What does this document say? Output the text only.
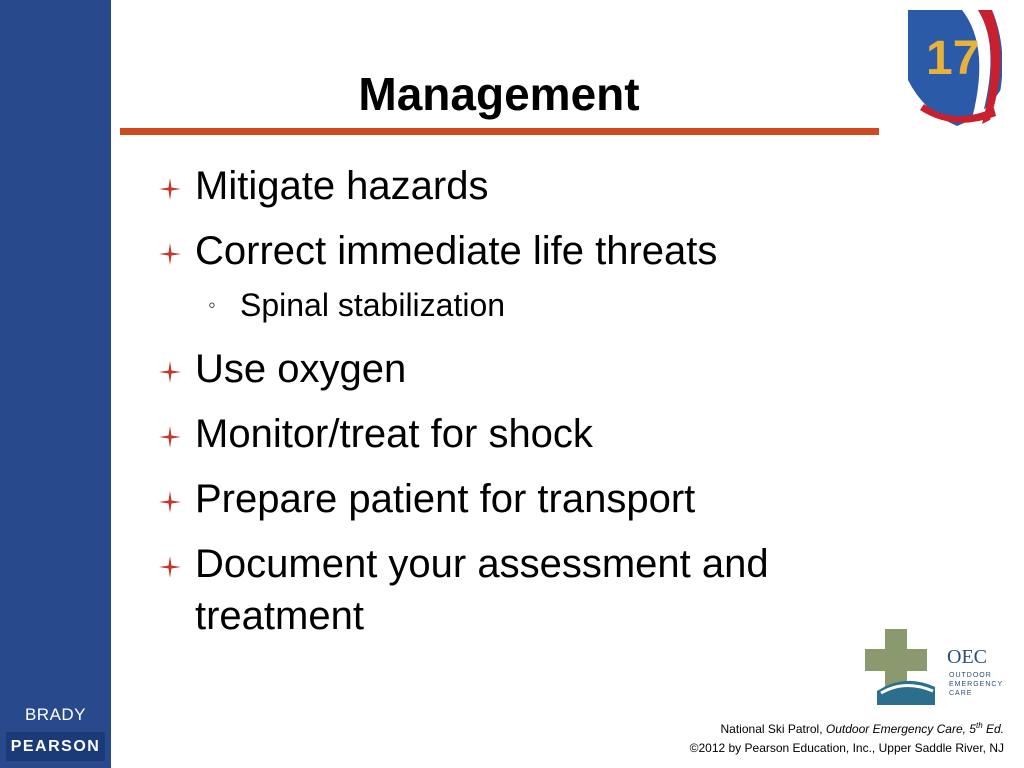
BRADY
PEARSON
17
Management
Mitigate hazards
Correct immediate life threats
◦ Spinal stabilization
Use oxygen
Monitor/treat for shock
Prepare patient for transport
Document your assessment and treatment
OEC
OUTDOOR
EMERGENCY
CARE
National Ski Patrol, Outdoor Emergency Care, 5th Ed.
©2012 by Pearson Education, Inc., Upper Saddle River, NJ
